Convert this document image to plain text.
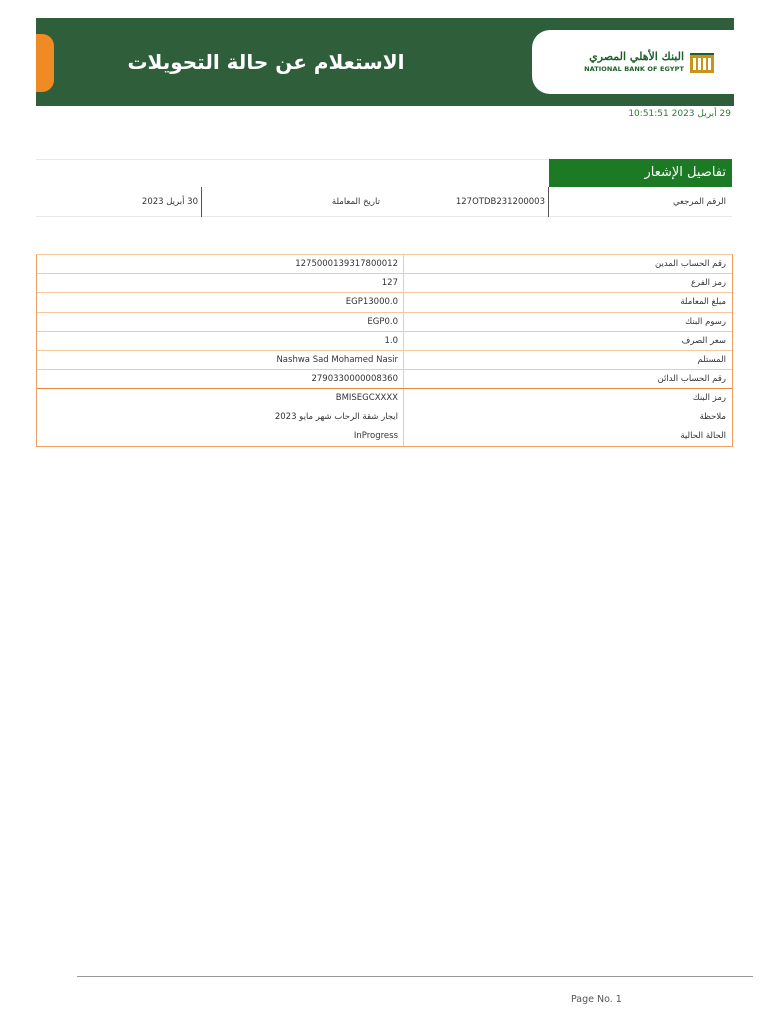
الاستعلام عن حالة التحويلات	البنك الأهلي المصري
NATIONAL BANK OF EGYPT
29 أبريل 2023 10:51:51
تفاصيل الإشعار
الرقم المرجعي
127OTDB231200003
تاريخ المعاملة
30 أبريل 2023
رقم الحساب المدين
1275000139317800012
رمز الفرع
127
مبلغ المعاملة
EGP13000.0
رسوم البنك
EGP0.0
سعر الصرف
1.0
المستلم
Nashwa Sad Mohamed Nasir
رقم الحساب الدائن
2790330000008360
رمز البنك
BMISEGCXXXX
ملاحظة
ايجار شقة الرحاب شهر مايو 2023
الحالة الحالية
InProgress
Page No. 1
